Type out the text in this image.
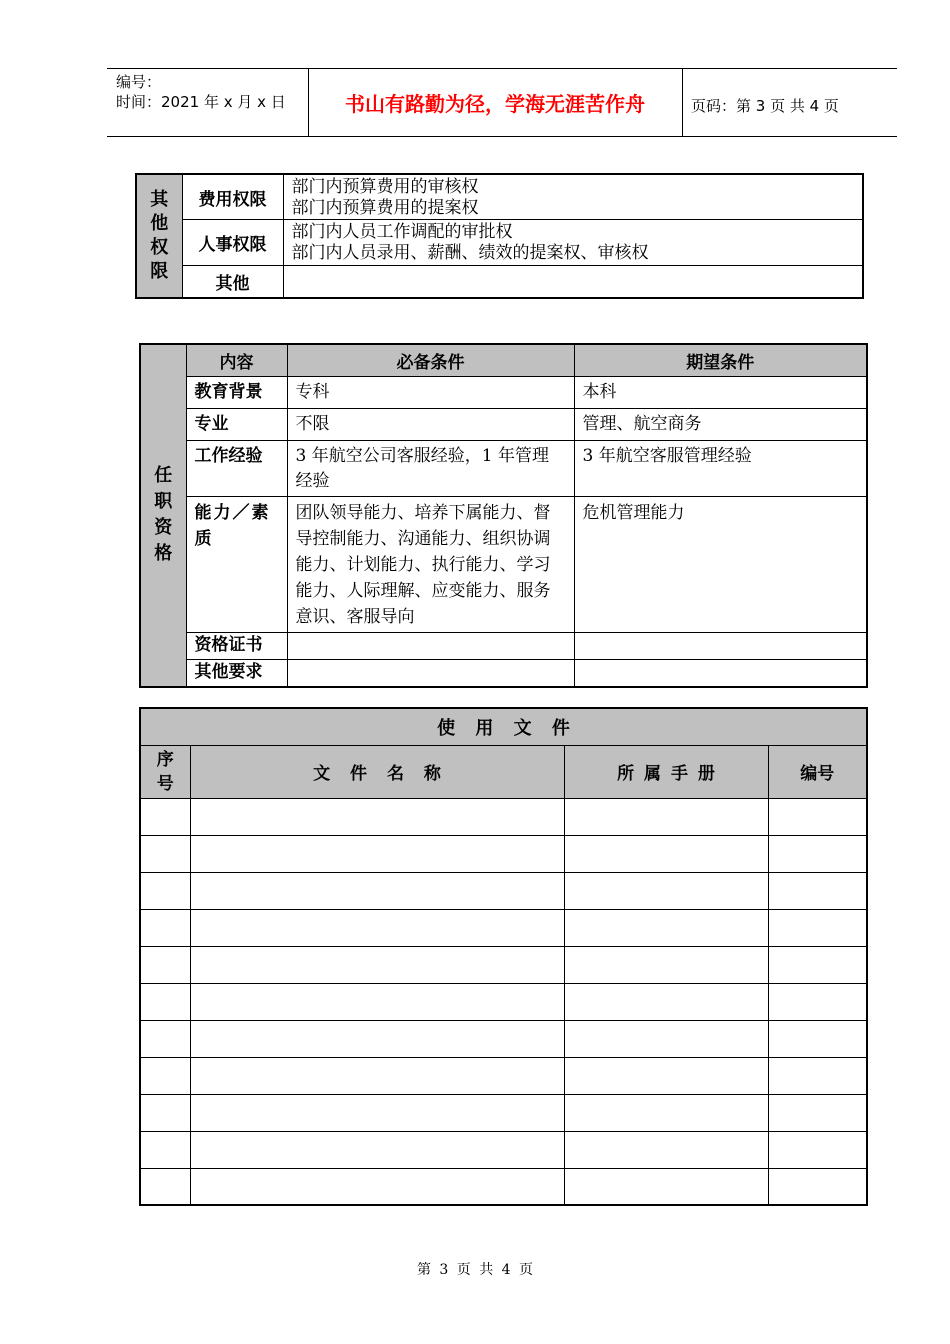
编号：
时间：2021 年 x 月 x 日	书山有路勤为径，学海无涯苦作舟	页码：第 3 页 共 4 页
其他权限	费用权限	部门内预算费用的审核权
部门内预算费用的提案权

	人事权限	部门内人员工作调配的审批权
部门内人员录用、薪酬、绩效的提案权、审核权

	其他	
任职资格	内容	必备条件	期望条件

	教育背景	专科	本科

	专业	不限	管理、航空商务

	工作经验	3 年航空公司客服经验，1 年管理经验	3 年航空客服管理经验

	能力／素质	团队领导能力、培养下属能力、督导控制能力、沟通能力、组织协调能力、计划能力、执行能力、学习能力、人际理解、应变能力、服务意识、客服导向	危机管理能力

	资格证书		

	其他要求		

使 用 文 件			

序号	文 件 名 称	所 属 手 册	编号

第 3 页 共 4 页
